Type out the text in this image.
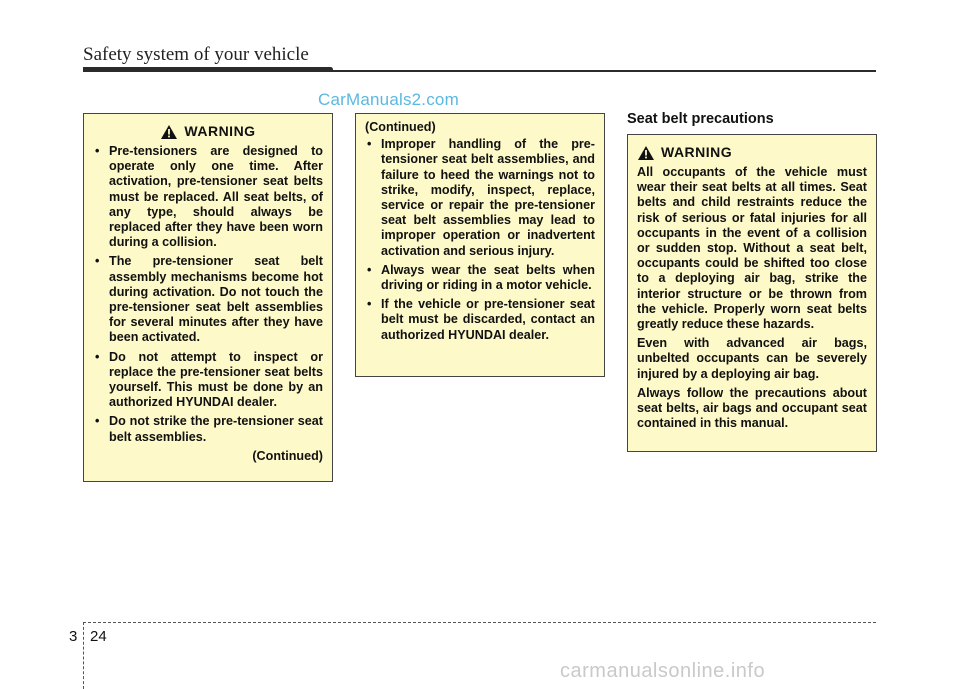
Safety system of your vehicle
CarManuals2.com
WARNING
• Pre-tensioners are designed to operate only one time. After activation, pre-tensioner seat belts must be replaced. All seat belts, of any type, should always be replaced after they have been worn during a collision.
• The pre-tensioner seat belt assembly mechanisms become hot during activation. Do not touch the pre-tensioner seat belt assemblies for several minutes after they have been activated.
• Do not attempt to inspect or replace the pre-tensioner seat belts yourself. This must be done by an authorized HYUNDAI dealer.
• Do not strike the pre-tensioner seat belt assemblies.
(Continued)
(Continued)
• Improper handling of the pre-tensioner seat belt assemblies, and failure to heed the warnings not to strike, modify, inspect, replace, service or repair the pre-tensioner seat belt assemblies may lead to improper operation or inadvertent activation and serious injury.
• Always wear the seat belts when driving or riding in a motor vehicle.
• If the vehicle or pre-tensioner seat belt must be discarded, contact an authorized HYUNDAI dealer.
Seat belt precautions
WARNING

All occupants of the vehicle must wear their seat belts at all times. Seat belts and child restraints reduce the risk of serious or fatal injuries for all occupants in the event of a collision or sudden stop. Without a seat belt, occupants could be shifted too close to a deploying air bag, strike the interior structure or be thrown from the vehicle. Properly worn seat belts greatly reduce these hazards.

Even with advanced air bags, unbelted occupants can be severely injured by a deploying air bag.

Always follow the precautions about seat belts, air bags and occupant seat contained in this manual.

3 24
carmanualsonline.info
